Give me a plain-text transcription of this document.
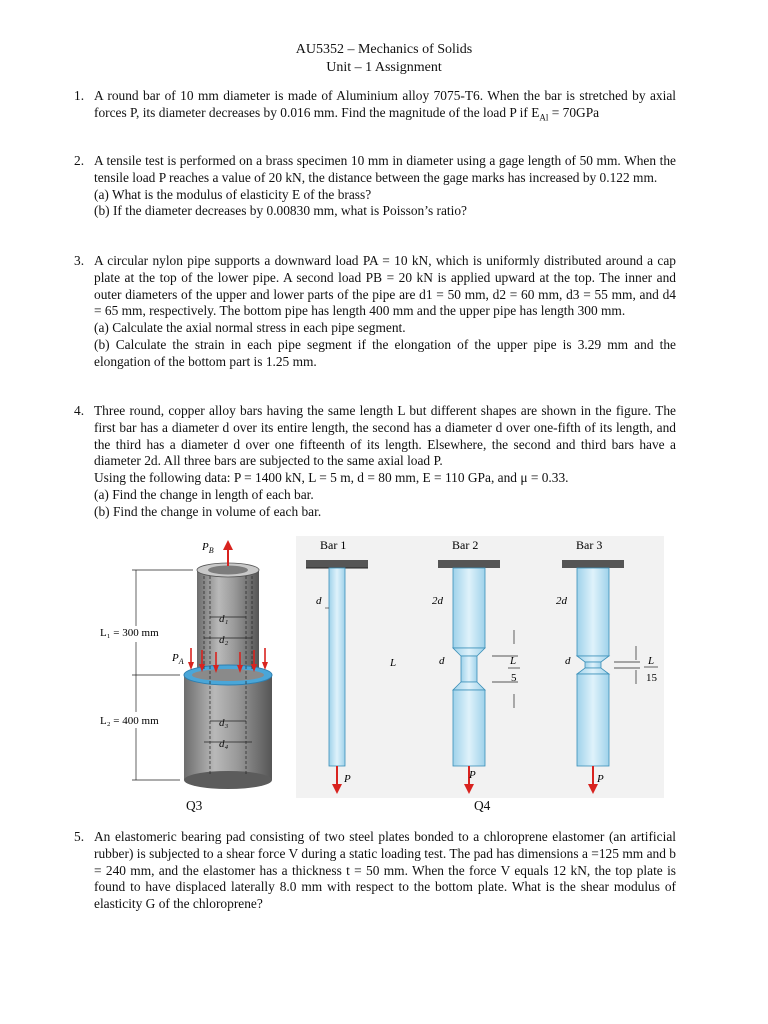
AU5352 – Mechanics of Solids
Unit – 1 Assignment
1. A round bar of 10 mm diameter is made of Aluminium alloy 7075-T6. When the bar is stretched by axial forces P, its diameter decreases by 0.016 mm. Find the magnitude of the load P if $E_{Al} = 70GPa$

2. A tensile test is performed on a brass specimen 10 mm in diameter using a gage length of 50 mm. When the tensile load P reaches a value of 20 kN, the distance between the gage marks has increased by 0.122 mm.

(a) What is the modulus of elasticity E of the brass?

(b) If the diameter decreases by 0.00830 mm, what is Poisson’s ratio?

3. A circular nylon pipe supports a downward load PA = 10 kN, which is uniformly distributed around a cap plate at the top of the lower pipe. A second load PB = 20 kN is applied upward at the top. The inner and outer diameters of the upper and lower parts of the pipe are d1 = 50 mm, d2 = 60 mm, d3 = 55 mm, and d4 = 65 mm, respectively. The bottom pipe has length 400 mm and the upper pipe has length 300 mm.

(a) Calculate the axial normal stress in each pipe segment.

(b) Calculate the strain in each pipe segment if the elongation of the upper pipe is 3.29 mm and the elongation of the bottom part is 1.25 mm.

4. Three round, copper alloy bars having the same length L but different shapes are shown in the figure. The first bar has a diameter d over its entire length, the second has a diameter d over one-fifth of its length, and the third has a diameter d over one fifteenth of its length. Elsewhere, the second and third bars have a diameter 2d. All three bars are subjected to the same axial load P.

Using the following data: P = 1400 kN, L = 5 m, d = 80 mm, E = 110 GPa, and μ = 0.33.

(a) Find the change in length of each bar.

(b) Find the change in volume of each bar.

L₁ = 300 mm
L₂ = 400 mm
$P_A$
$P_B$
d₁
d₂
d₃
d₄
Bar 1
P
d
L
Bar 2
P
2d
d	L
5
Bar 3
P
2d
d	L
15
Q3	Q4
5. An elastomeric bearing pad consisting of two steel plates bonded to a chloroprene elastomer (an artificial rubber) is subjected to a shear force V during a static loading test. The pad has dimensions a =125 mm and b = 240 mm, and the elastomer has a thickness t = 50 mm. When the force V equals 12 kN, the top plate is found to have displaced laterally 8.0 mm with respect to the bottom plate. What is the shear modulus of elasticity G of the chloroprene?
